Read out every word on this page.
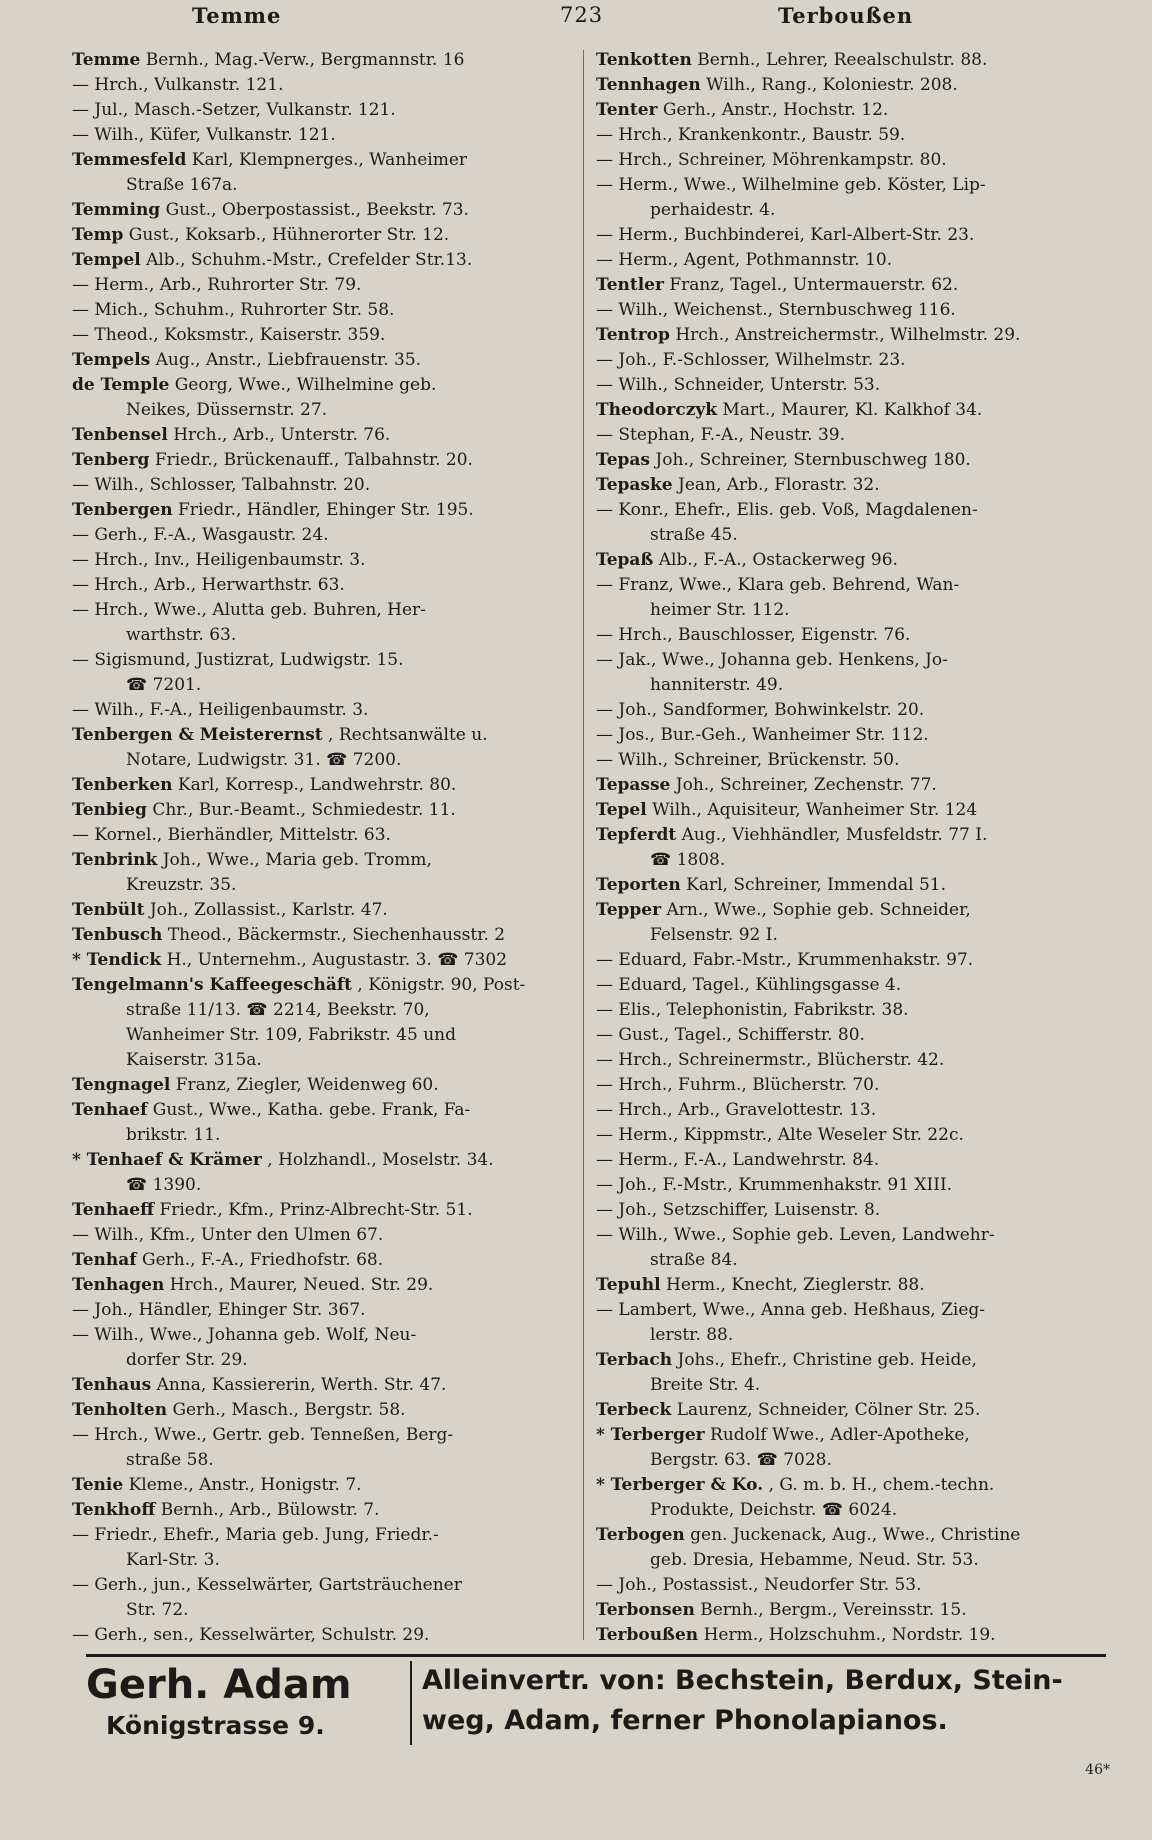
Temme	723	Terboußen
Temme Bernh., Mag.-Verw., Bergmannstr. 16
— Hrch., Vulkanstr. 121.
— Jul., Masch.-Setzer, Vulkanstr. 121.
— Wilh., Küfer, Vulkanstr. 121.
Temmesfeld Karl, Klempnerges., Wanheimer
Straße 167a.
Temming Gust., Oberpostassist., Beekstr. 73.
Temp Gust., Koksarb., Hühnerorter Str. 12.
Tempel Alb., Schuhm.-Mstr., Crefelder Str.13.
— Herm., Arb., Ruhrorter Str. 79.
— Mich., Schuhm., Ruhrorter Str. 58.
— Theod., Koksmstr., Kaiserstr. 359.
Tempels Aug., Anstr., Liebfrauenstr. 35.
de Temple Georg, Wwe., Wilhelmine geb.
Neikes, Düssernstr. 27.
Tenbensel Hrch., Arb., Unterstr. 76.
Tenberg Friedr., Brückenauff., Talbahnstr. 20.
— Wilh., Schlosser, Talbahnstr. 20.
Tenbergen Friedr., Händler, Ehinger Str. 195.
— Gerh., F.-A., Wasgaustr. 24.
— Hrch., Inv., Heiligenbaumstr. 3.
— Hrch., Arb., Herwarthstr. 63.
— Hrch., Wwe., Alutta geb. Buhren, Her-
warthstr. 63.
— Sigismund, Justizrat, Ludwigstr. 15.
☎ 7201.
— Wilh., F.-A., Heiligenbaumstr. 3.
Tenbergen & Meisterernst , Rechtsanwälte u.
Notare, Ludwigstr. 31. ☎ 7200.
Tenberken Karl, Korresp., Landwehrstr. 80.
Tenbieg Chr., Bur.-Beamt., Schmiedestr. 11.
— Kornel., Bierhändler, Mittelstr. 63.
Tenbrink Joh., Wwe., Maria geb. Tromm,
Kreuzstr. 35.
Tenbült Joh., Zollassist., Karlstr. 47.
Tenbusch Theod., Bäckermstr., Siechenhausstr. 2
* Tendick H., Unternehm., Augustastr. 3. ☎ 7302
Tengelmann's Kaffeegeschäft , Königstr. 90, Post-
straße 11/13. ☎ 2214, Beekstr. 70,
Wanheimer Str. 109, Fabrikstr. 45 und
Kaiserstr. 315a.
Tengnagel Franz, Ziegler, Weidenweg 60.
Tenhaef Gust., Wwe., Katha. gebe. Frank, Fa-
brikstr. 11.
* Tenhaef & Krämer , Holzhandl., Moselstr. 34.
☎ 1390.
Tenhaeff Friedr., Kfm., Prinz-Albrecht-Str. 51.
— Wilh., Kfm., Unter den Ulmen 67.
Tenhaf Gerh., F.-A., Friedhofstr. 68.
Tenhagen Hrch., Maurer, Neued. Str. 29.
— Joh., Händler, Ehinger Str. 367.
— Wilh., Wwe., Johanna geb. Wolf, Neu-
dorfer Str. 29.
Tenhaus Anna, Kassiererin, Werth. Str. 47.
Tenholten Gerh., Masch., Bergstr. 58.
— Hrch., Wwe., Gertr. geb. Tenneßen, Berg-
straße 58.
Tenie Kleme., Anstr., Honigstr. 7.
Tenkhoff Bernh., Arb., Bülowstr. 7.
— Friedr., Ehefr., Maria geb. Jung, Friedr.-
Karl-Str. 3.
— Gerh., jun., Kesselwärter, Gartsträuchener
Str. 72.
— Gerh., sen., Kesselwärter, Schulstr. 29.
Tenkotten Bernh., Lehrer, Reealschulstr. 88.
Tennhagen Wilh., Rang., Koloniestr. 208.
Tenter Gerh., Anstr., Hochstr. 12.
— Hrch., Krankenkontr., Baustr. 59.
— Hrch., Schreiner, Möhrenkampstr. 80.
— Herm., Wwe., Wilhelmine geb. Köster, Lip-
perhaidestr. 4.
— Herm., Buchbinderei, Karl-Albert-Str. 23.
— Herm., Agent, Pothmannstr. 10.
Tentler Franz, Tagel., Untermauerstr. 62.
— Wilh., Weichenst., Sternbuschweg 116.
Tentrop Hrch., Anstreichermstr., Wilhelmstr. 29.
— Joh., F.-Schlosser, Wilhelmstr. 23.
— Wilh., Schneider, Unterstr. 53.
Theodorczyk Mart., Maurer, Kl. Kalkhof 34.
— Stephan, F.-A., Neustr. 39.
Tepas Joh., Schreiner, Sternbuschweg 180.
Tepaske Jean, Arb., Florastr. 32.
— Konr., Ehefr., Elis. geb. Voß, Magdalenen-
straße 45.
Tepaß Alb., F.-A., Ostackerweg 96.
— Franz, Wwe., Klara geb. Behrend, Wan-
heimer Str. 112.
— Hrch., Bauschlosser, Eigenstr. 76.
— Jak., Wwe., Johanna geb. Henkens, Jo-
hanniterstr. 49.
— Joh., Sandformer, Bohwinkelstr. 20.
— Jos., Bur.-Geh., Wanheimer Str. 112.
— Wilh., Schreiner, Brückenstr. 50.
Tepasse Joh., Schreiner, Zechenstr. 77.
Tepel Wilh., Aquisiteur, Wanheimer Str. 124
Tepferdt Aug., Viehhändler, Musfeldstr. 77 I.
☎ 1808.
Teporten Karl, Schreiner, Immendal 51.
Tepper Arn., Wwe., Sophie geb. Schneider,
Felsenstr. 92 I.
— Eduard, Fabr.-Mstr., Krummenhakstr. 97.
— Eduard, Tagel., Kühlingsgasse 4.
— Elis., Telephonistin, Fabrikstr. 38.
— Gust., Tagel., Schifferstr. 80.
— Hrch., Schreinermstr., Blücherstr. 42.
— Hrch., Fuhrm., Blücherstr. 70.
— Hrch., Arb., Gravelottestr. 13.
— Herm., Kippmstr., Alte Weseler Str. 22c.
— Herm., F.-A., Landwehrstr. 84.
— Joh., F.-Mstr., Krummenhakstr. 91 XIII.
— Joh., Setzschiffer, Luisenstr. 8.
— Wilh., Wwe., Sophie geb. Leven, Landwehr-
straße 84.
Tepuhl Herm., Knecht, Zieglerstr. 88.
— Lambert, Wwe., Anna geb. Heßhaus, Zieg-
lerstr. 88.
Terbach Johs., Ehefr., Christine geb. Heide,
Breite Str. 4.
Terbeck Laurenz, Schneider, Cölner Str. 25.
* Terberger Rudolf Wwe., Adler-Apotheke,
Bergstr. 63. ☎ 7028.
* Terberger & Ko. , G. m. b. H., chem.-techn.
Produkte, Deichstr. ☎ 6024.
Terbogen gen. Juckenack, Aug., Wwe., Christine
geb. Dresia, Hebamme, Neud. Str. 53.
— Joh., Postassist., Neudorfer Str. 53.
Terbonsen Bernh., Bergm., Vereinsstr. 15.
Terboußen Herm., Holzschuhm., Nordstr. 19.
Gerh. Adam
Königstrasse 9.
Alleinvertr. von: Bechstein, Berdux, Stein-
weg, Adam, ferner Phonolapianos.
46*
